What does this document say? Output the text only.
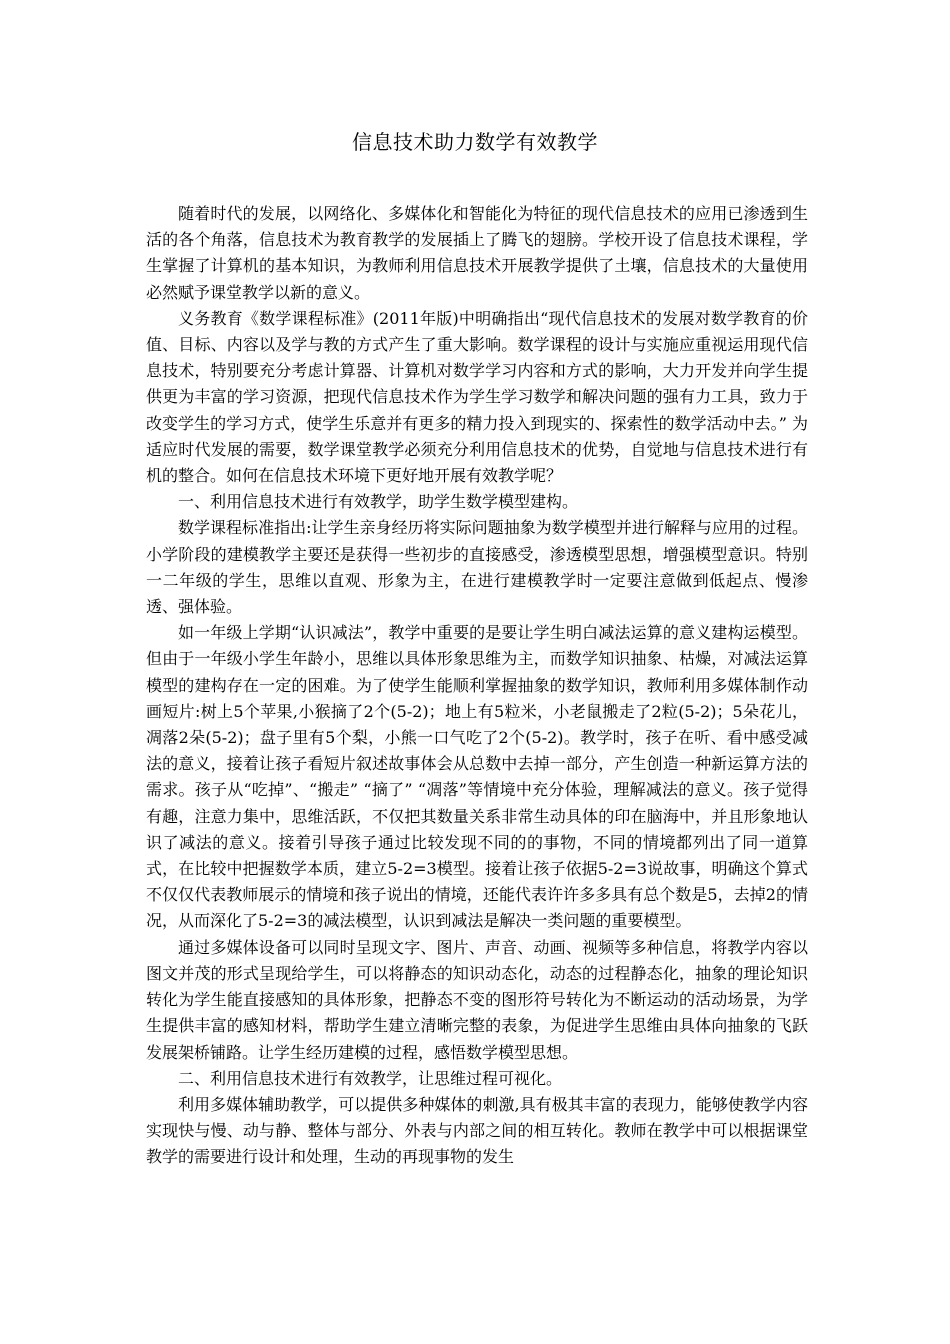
信息技术助力数学有效教学

随着时代的发展，以网络化、多媒体化和智能化为特征的现代信息技术的应用已渗透到生活的各个角落，信息技术为教育教学的发展插上了腾飞的翅膀。学校开设了信息技术课程，学生掌握了计算机的基本知识，为教师利用信息技术开展教学提供了土壤，信息技术的大量使用必然赋予课堂教学以新的意义。

义务教育《数学课程标准》(2011年版)中明确指出“现代信息技术的发展对数学教育的价值、目标、内容以及学与教的方式产生了重大影响。数学课程的设计与实施应重视运用现代信息技术，特别要充分考虑计算器、计算机对数学学习内容和方式的影响，大力开发并向学生提供更为丰富的学习资源，把现代信息技术作为学生学习数学和解决问题的强有力工具，致力于改变学生的学习方式，使学生乐意并有更多的精力投入到现实的、探索性的数学活动中去。” 为适应时代发展的需要，数学课堂教学必须充分利用信息技术的优势，自觉地与信息技术进行有机的整合。如何在信息技术环境下更好地开展有效教学呢？

一、利用信息技术进行有效教学，助学生数学模型建构。

数学课程标准指出:让学生亲身经历将实际问题抽象为数学模型并进行解释与应用的过程。小学阶段的建模教学主要还是获得一些初步的直接感受，渗透模型思想，增强模型意识。特别一二年级的学生，思维以直观、形象为主，在进行建模教学时一定要注意做到低起点、慢渗透、强体验。

如一年级上学期“认识减法”，教学中重要的是要让学生明白减法运算的意义建构运模型。但由于一年级小学生年龄小，思维以具体形象思维为主，而数学知识抽象、枯燥，对减法运算模型的建构存在一定的困难。为了使学生能顺利掌握抽象的数学知识，教师利用多媒体制作动画短片:树上5个苹果,小猴摘了2个(5-2)；地上有5粒米，小老鼠搬走了2粒(5-2)；5朵花儿，凋落2朵(5-2)；盘子里有5个梨，小熊一口气吃了2个(5-2)。教学时，孩子在听、看中感受减法的意义，接着让孩子看短片叙述故事体会从总数中去掉一部分，产生创造一种新运算方法的需求。孩子从“吃掉”、“搬走” “摘了” “凋落”等情境中充分体验，理解减法的意义。孩子觉得有趣，注意力集中，思维活跃，不仅把其数量关系非常生动具体的印在脑海中，并且形象地认识了减法的意义。接着引导孩子通过比较发现不同的的事物，不同的情境都列出了同一道算式，在比较中把握数学本质，建立5-2=3模型。接着让孩子依据5-2=3说故事，明确这个算式不仅仅代表教师展示的情境和孩子说出的情境，还能代表许许多多具有总个数是5，去掉2的情况，从而深化了5-2=3的减法模型，认识到减法是解决一类问题的重要模型。

通过多媒体设备可以同时呈现文字、图片、声音、动画、视频等多种信息，将教学内容以图文并茂的形式呈现给学生，可以将静态的知识动态化，动态的过程静态化，抽象的理论知识转化为学生能直接感知的具体形象，把静态不变的图形符号转化为不断运动的活动场景，为学生提供丰富的感知材料，帮助学生建立清晰完整的表象，为促进学生思维由具体向抽象的飞跃发展架桥铺路。让学生经历建模的过程，感悟数学模型思想。

二、利用信息技术进行有效教学，让思维过程可视化。

利用多媒体辅助教学，可以提供多种媒体的刺激,具有极其丰富的表现力，能够使教学内容实现快与慢、动与静、整体与部分、外表与内部之间的相互转化。教师在教学中可以根据课堂教学的需要进行设计和处理，生动的再现事物的发生
